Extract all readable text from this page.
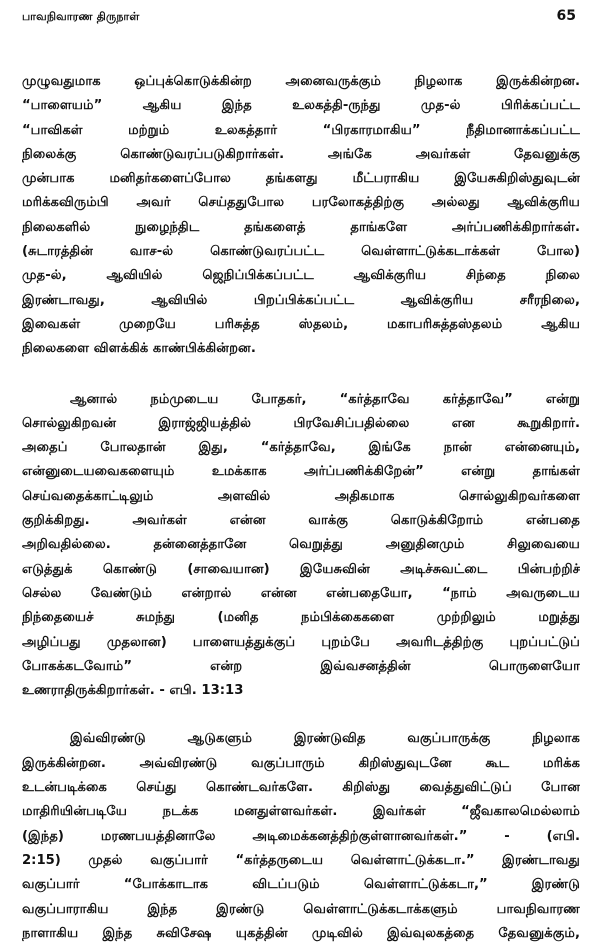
பாவநிவாரண திருநாள்	65
முழுவதுமாக ஒப்புக்கொடுக்கின்ற அனைவருக்கும் நிழலாக இருக்கின்றன.
“பாளையம்” ஆகிய இந்த உலகத்தி-ருந்து முத-ல் பிரிக்கப்பட்ட
“பாவிகள் மற்றும் உலகத்தார் “பிரகாரமாகிய” நீதிமானாக்கப்பட்ட
நிலைக்கு கொண்டுவரப்படுகிறார்கள். அங்கே அவர்கள் தேவனுக்கு
முன்பாக மனிதர்களைப்போல தங்களது மீட்பராகிய இயேசுகிறிஸ்துவுடன்
மரிக்கவிரும்பி அவர் செய்ததுபோல பரலோகத்திற்கு அல்லது ஆவிக்குரிய
நிலைகளில் நுழைந்திட தங்களைத் தாங்களே அர்ப்பணிக்கிறார்கள்.
(சுடாரத்தின் வாச-ல் கொண்டுவரப்பட்ட வெள்ளாட்டுக்கடாக்கள் போல)
முத-ல், ஆவியில் ஜெநிப்பிக்கப்பட்ட ஆவிக்குரிய சிந்தை நிலை
இரண்டாவது, ஆவியில் பிறப்பிக்கப்பட்ட ஆவிக்குரிய சரீரநிலை,
இவைகள் முறையே பரிசுத்த ஸ்தலம், மகாபரிசுத்தஸ்தலம் ஆகிய
நிலைகளை விளக்கிக் காண்பிக்கின்றன.
ஆனால் நம்முடைய போதகர், “கர்த்தாவே கர்த்தாவே” என்று
சொல்லுகிறவன் இராஜ்ஜியத்தில் பிரவேசிப்பதில்லை என கூறுகிறார்.
அதைப் போலதான் இது, “கர்த்தாவே, இங்கே நான் என்னையும்,
என்னுடையவைகளையும் உமக்காக அர்ப்பணிக்கிறேன்” என்று தாங்கள்
செய்வதைக்காட்டிலும் அளவில் அதிகமாக சொல்லுகிறவர்களை
குறிக்கிறது. அவர்கள் என்ன வாக்கு கொடுக்கிறோம் என்பதை
அறிவதில்லை. தன்னைத்தானே வெறுத்து அனுதினமும் சிலுவையை
எடுத்துக் கொண்டு (சாவையான) இயேசுவின் அடிச்சுவட்டை பின்பற்றிச்
செல்ல வேண்டும் என்றால் என்ன என்பதையோ, “நாம் அவருடைய
நிந்தையைச் சுமந்து (மனித நம்பிக்கைகளை முற்றிலும் மறுத்து
அழிப்பது முதலான) பாளையத்துக்குப் புறம்பே அவரிடத்திற்கு புறப்பட்டுப்
போகக்கடவோம்” என்ற இவ்வசனத்தின் பொருளையோ
உணராதிருக்கிறார்கள். - எபி. 13:13
இவ்விரண்டு ஆடுகளும் இரண்டுவித வகுப்பாருக்கு நிழலாக
இருக்கின்றன. அவ்விரண்டு வகுப்பாரும் கிறிஸ்துவுடனே கூட மரிக்க
உடன்படிக்கை செய்து கொண்டவர்களே. கிறிஸ்து வைத்துவிட்டுப் போன
மாதிரியின்படியே நடக்க மனதுள்ளவர்கள். இவர்கள் “ஜீவகாலமெல்லாம்
(இந்த) மரணபயத்தினாலே அடிமைக்கனத்திற்குள்ளானவர்கள்.” - (எபி.
2:15) முதல் வகுப்பார் “கர்த்தருடைய வெள்ளாட்டுக்கடா.” இரண்டாவது
வகுப்பார் “போக்காடாக விடப்படும் வெள்ளாட்டுக்கடா,” இரண்டு
வகுப்பாராகிய இந்த இரண்டு வெள்ளாட்டுக்கடாக்களும் பாவநிவாரண
நாளாகிய இந்த சுவிசேஷ யுகத்தின் முடிவில் இவ்வுலகத்தை தேவனுக்கும்,
